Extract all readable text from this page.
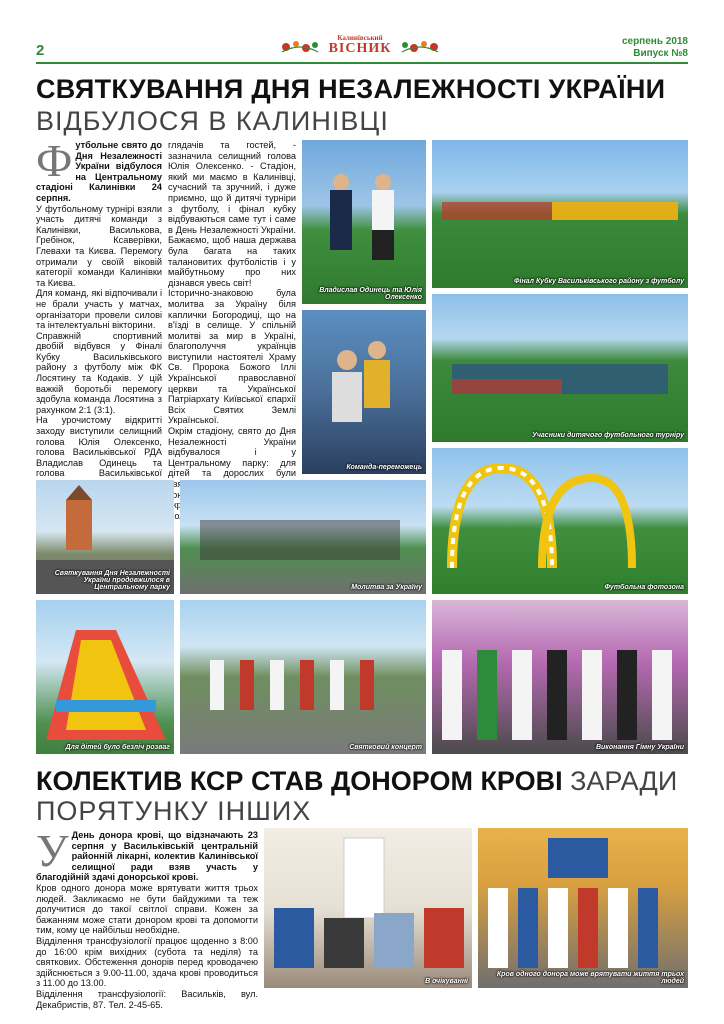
2
Калинівський
ВІСНИК	серпень 2018
Випуск №8
СВЯТКУВАННЯ ДНЯ НЕЗАЛЕЖНОСТІ УКРАЇНИ
ВІДБУЛОСЯ В КАЛИНІВЦІ
Ф утбольне свято до Дня Незалежності України відбулося на Центральному стадіоні Калинівки 24 серпня.

У футбольному турнірі взяли участь дитячі команди з Калинівки, Василькова, Гребінок, Ксаверівки, Глевахи та Києва. Перемогу отримали у своїй віковій категорії команди Калинівки та Києва.

Для команд, які відпочивали і не брали участь у матчах, організатори провели силові та інтелектуальні вікторини.

Справжній спортивний двобій відбувся у Фіналі Кубку Васильківського району з футболу між ФК Лосятину та Кодаків. У цій важкій боротьбі перемогу здобула команда Лосятина з рахунком 2:1 (3:1).

На урочистому відкритті заходу виступили селищний голова Юлія Олексенко, голова Васильківської РДА Владислав Одинець та голова Васильківської

глядачів та гостей, - зазначила селищний голова Юлія Олексенко. - Стадіон, який ми маємо в Калинівці, сучасний та зручний, і дуже приємно, що й дитячі турніри з футболу, і фінал кубку відбуваються саме тут і саме в День Незалежності України. Бажаємо, щоб наша держава була багата на таких талановитих футболістів і у майбутньому про них дізнався увесь світ!

Історично-знаковою була молитва за Україну біля каплички Богородиці, що на в'їзді в селище. У спільній молитві за мир в Україні, благополуччя українців виступили настоятелі Храму Св. Пророка Божого Іллі Української православної церкви та Української Патріархату Київської єпархії Всіх Святих Землі Української.

Окрім стадіону, свято до Дня Незалежності України відбувалося і у Центральному парку: для дітей та дорослих були

Владислав Одинець та Юлія Олексенко
Фінал Кубку Васильківського району з футболу
Команда-переможець
Учасники дитячого футбольного турніру
Святкування Дня Незалежності України продовжилося в Центральному парку	Молитва за Україну	Футбольна фотозона
Для дітей було безліч розваг	Святковий концерт	Виконання Гімну України
КОЛЕКТИВ КСР СТАВ ДОНОРОМ КРОВІ ЗАРАДИ
ПОРЯТУНКУ ІНШИХ
У День донора крові, що відзначають 23 серпня у Васильківській центральній районній лікарні, колектив Калинівської селищної ради взяв участь у благодійній здачі донорської крові.

Кров одного донора може врятувати життя трьох людей. Закликаємо не бути байдужими та теж долучитися до такої світлої справи. Кожен за бажанням може стати донором крові та допомогти тим, кому це найбільш необхідне.

Відділення трансфузіології працює щоденно з 8:00 до 16:00 крім вихідних (субота та неділя) та святкових. Обстеження донорів перед кроводачею здійснюється з 9.00-11.00, здача крові проводиться з 11.00 до 13.00.

Відділення трансфузіології: Васильків, вул. Декабристів, 87. Тел. 2-45-65.

В очікуванні
Кров одного донора може врятувати життя трьох людей
